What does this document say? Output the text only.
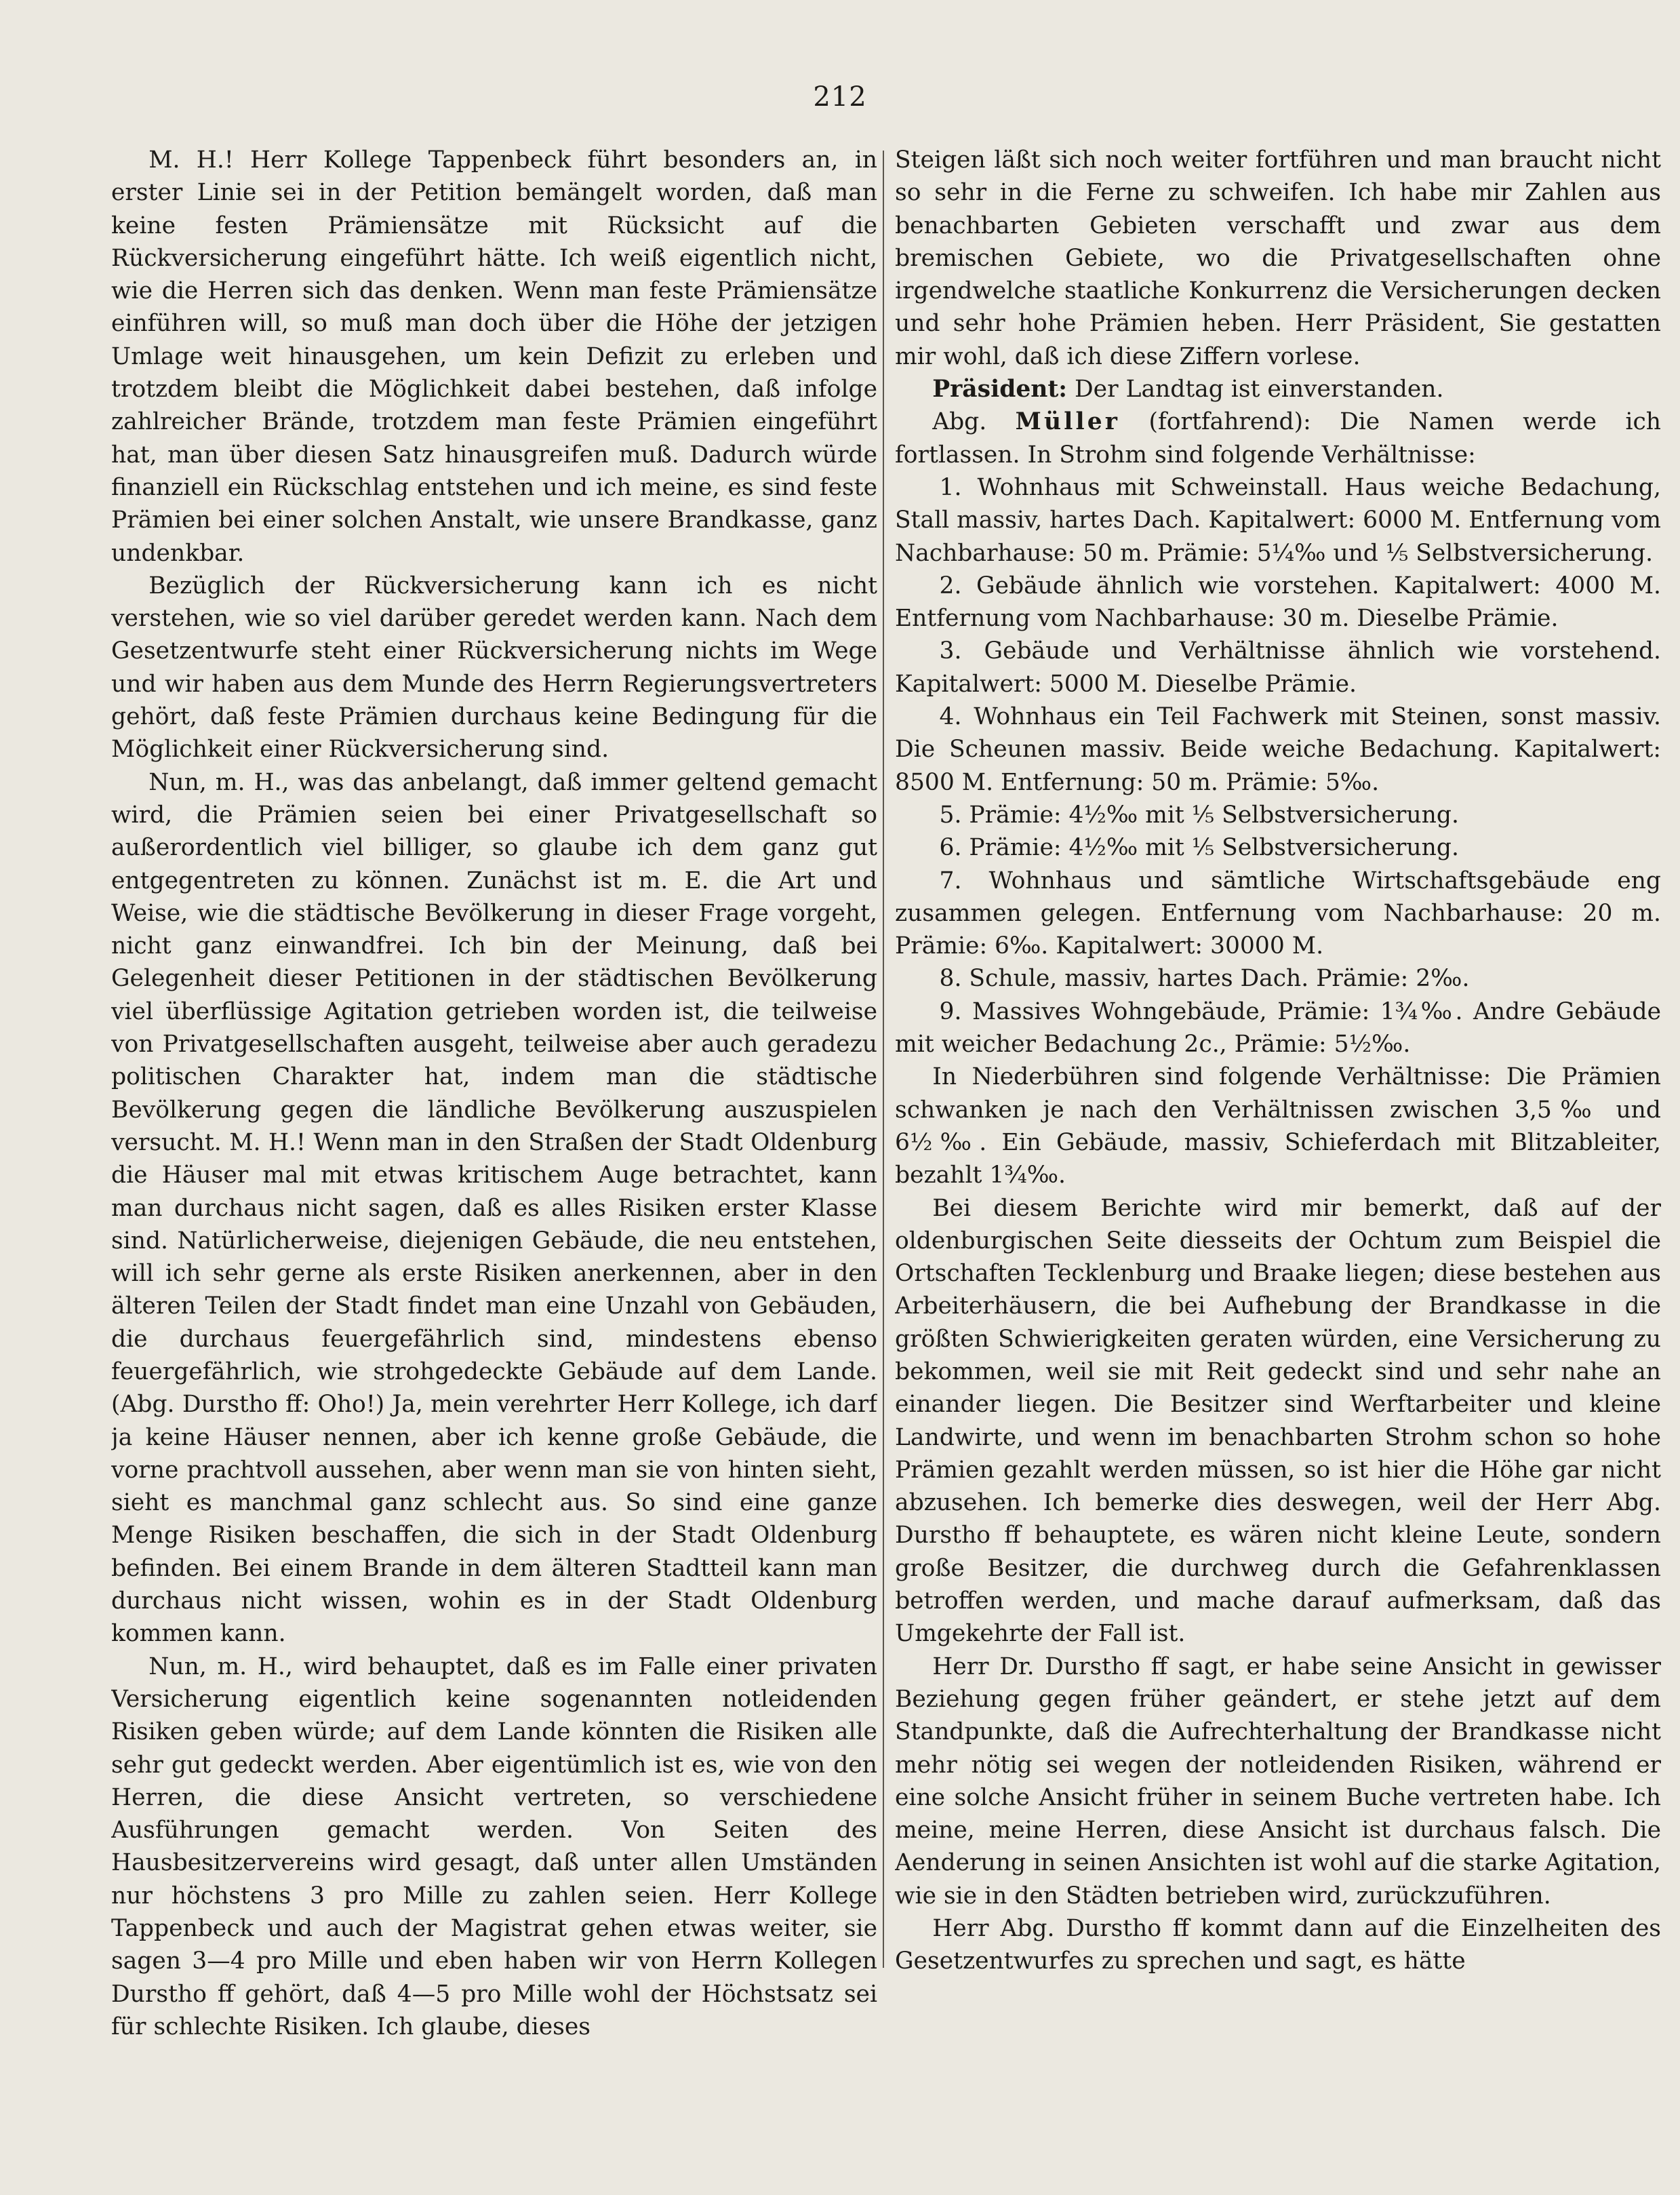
212

M. H.! Herr Kollege Tappenbeck führt besonders an, in erster Linie sei in der Petition bemängelt worden, daß man keine festen Prämiensätze mit Rücksicht auf die Rückversicherung eingeführt hätte. Ich weiß eigentlich nicht, wie die Herren sich das denken. Wenn man feste Prämiensätze einführen will, so muß man doch über die Höhe der jetzigen Umlage weit hinausgehen, um kein Defizit zu erleben und trotzdem bleibt die Möglichkeit dabei bestehen, daß infolge zahlreicher Brände, trotzdem man feste Prämien eingeführt hat, man über diesen Satz hinausgreifen muß. Dadurch würde finanziell ein Rückschlag entstehen und ich meine, es sind feste Prämien bei einer solchen Anstalt, wie unsere Brandkasse, ganz undenkbar.

Bezüglich der Rückversicherung kann ich es nicht verstehen, wie so viel darüber geredet werden kann. Nach dem Gesetzentwurfe steht einer Rückversicherung nichts im Wege und wir haben aus dem Munde des Herrn Regierungsvertreters gehört, daß feste Prämien durchaus keine Bedingung für die Möglichkeit einer Rückversicherung sind.

Nun, m. H., was das anbelangt, daß immer geltend gemacht wird, die Prämien seien bei einer Privatgesellschaft so außerordentlich viel billiger, so glaube ich dem ganz gut entgegentreten zu können. Zunächst ist m. E. die Art und Weise, wie die städtische Bevölkerung in dieser Frage vorgeht, nicht ganz einwandfrei. Ich bin der Meinung, daß bei Gelegenheit dieser Petitionen in der städtischen Bevölkerung viel überflüssige Agitation getrieben worden ist, die teilweise von Privatgesellschaften ausgeht, teilweise aber auch geradezu politischen Charakter hat, indem man die städtische Bevölkerung gegen die ländliche Bevölkerung auszuspielen versucht. M. H.! Wenn man in den Straßen der Stadt Oldenburg die Häuser mal mit etwas kritischem Auge betrachtet, kann man durchaus nicht sagen, daß es alles Risiken erster Klasse sind. Natürlicherweise, diejenigen Gebäude, die neu entstehen, will ich sehr gerne als erste Risiken anerkennen, aber in den älteren Teilen der Stadt findet man eine Unzahl von Gebäuden, die durchaus feuergefährlich sind, mindestens ebenso feuergefährlich, wie strohgedeckte Gebäude auf dem Lande. (Abg. Durstho ff: Oho!) Ja, mein verehrter Herr Kollege, ich darf ja keine Häuser nennen, aber ich kenne große Gebäude, die vorne prachtvoll aussehen, aber wenn man sie von hinten sieht, sieht es manchmal ganz schlecht aus. So sind eine ganze Menge Risiken beschaffen, die sich in der Stadt Oldenburg befinden. Bei einem Brande in dem älteren Stadtteil kann man durchaus nicht wissen, wohin es in der Stadt Oldenburg kommen kann.

Nun, m. H., wird behauptet, daß es im Falle einer privaten Versicherung eigentlich keine sogenannten notleidenden Risiken geben würde; auf dem Lande könnten die Risiken alle sehr gut gedeckt werden. Aber eigentümlich ist es, wie von den Herren, die diese Ansicht vertreten, so verschiedene Ausführungen gemacht werden. Von Seiten des Hausbesitzervereins wird gesagt, daß unter allen Umständen nur höchstens 3 pro Mille zu zahlen seien. Herr Kollege Tappenbeck und auch der Magistrat gehen etwas weiter, sie sagen 3—4 pro Mille und eben haben wir von Herrn Kollegen Durstho ff gehört, daß 4—5 pro Mille wohl der Höchstsatz sei für schlechte Risiken. Ich glaube, dieses

Steigen läßt sich noch weiter fortführen und man braucht nicht so sehr in die Ferne zu schweifen. Ich habe mir Zahlen aus benachbarten Gebieten verschafft und zwar aus dem bremischen Gebiete, wo die Privatgesellschaften ohne irgendwelche staatliche Konkurrenz die Versicherungen decken und sehr hohe Prämien heben. Herr Präsident, Sie gestatten mir wohl, daß ich diese Ziffern vorlese.

Präsident: Der Landtag ist einverstanden.

Abg. Müller (fortfahrend): Die Namen werde ich fortlassen. In Strohm sind folgende Verhältnisse:

1. Wohnhaus mit Schweinstall. Haus weiche Bedachung, Stall massiv, hartes Dach. Kapitalwert: 6000 M. Entfernung vom Nachbarhause: 50 m. Prämie: 5¼‰ und ⅕ Selbstversicherung.

2. Gebäude ähnlich wie vorstehen. Kapitalwert: 4000 M. Entfernung vom Nachbarhause: 30 m. Dieselbe Prämie.

3. Gebäude und Verhältnisse ähnlich wie vorstehend. Kapitalwert: 5000 M. Dieselbe Prämie.

4. Wohnhaus ein Teil Fachwerk mit Steinen, sonst massiv. Die Scheunen massiv. Beide weiche Bedachung. Kapitalwert: 8500 M. Entfernung: 50 m. Prämie: 5‰.

5. Prämie: 4½‰ mit ⅕ Selbstversicherung.

6. Prämie: 4½‰ mit ⅕ Selbstversicherung.

7. Wohnhaus und sämtliche Wirtschaftsgebäude eng zusammen gelegen. Entfernung vom Nachbarhause: 20 m. Prämie: 6‰. Kapitalwert: 30000 M.

8. Schule, massiv, hartes Dach. Prämie: 2‰.

9. Massives Wohngebäude, Prämie: 1¾‰. Andre Gebäude mit weicher Bedachung 2c., Prämie: 5½‰.

In Niederbühren sind folgende Verhältnisse: Die Prämien schwanken je nach den Verhältnissen zwischen 3,5‰ und 6½‰. Ein Gebäude, massiv, Schieferdach mit Blitzableiter, bezahlt 1¾‰.

Bei diesem Berichte wird mir bemerkt, daß auf der oldenburgischen Seite diesseits der Ochtum zum Beispiel die Ortschaften Tecklenburg und Braake liegen; diese bestehen aus Arbeiterhäusern, die bei Aufhebung der Brandkasse in die größten Schwierigkeiten geraten würden, eine Versicherung zu bekommen, weil sie mit Reit gedeckt sind und sehr nahe an einander liegen. Die Besitzer sind Werftarbeiter und kleine Landwirte, und wenn im benachbarten Strohm schon so hohe Prämien gezahlt werden müssen, so ist hier die Höhe gar nicht abzusehen. Ich bemerke dies deswegen, weil der Herr Abg. Durstho ff behauptete, es wären nicht kleine Leute, sondern große Besitzer, die durchweg durch die Gefahrenklassen betroffen werden, und mache darauf aufmerksam, daß das Umgekehrte der Fall ist.

Herr Dr. Durstho ff sagt, er habe seine Ansicht in gewisser Beziehung gegen früher geändert, er stehe jetzt auf dem Standpunkte, daß die Aufrechterhaltung der Brandkasse nicht mehr nötig sei wegen der notleidenden Risiken, während er eine solche Ansicht früher in seinem Buche vertreten habe. Ich meine, meine Herren, diese Ansicht ist durchaus falsch. Die Aenderung in seinen Ansichten ist wohl auf die starke Agitation, wie sie in den Städten betrieben wird, zurückzuführen.

Herr Abg. Durstho ff kommt dann auf die Einzelheiten des Gesetzentwurfes zu sprechen und sagt, es hätte
